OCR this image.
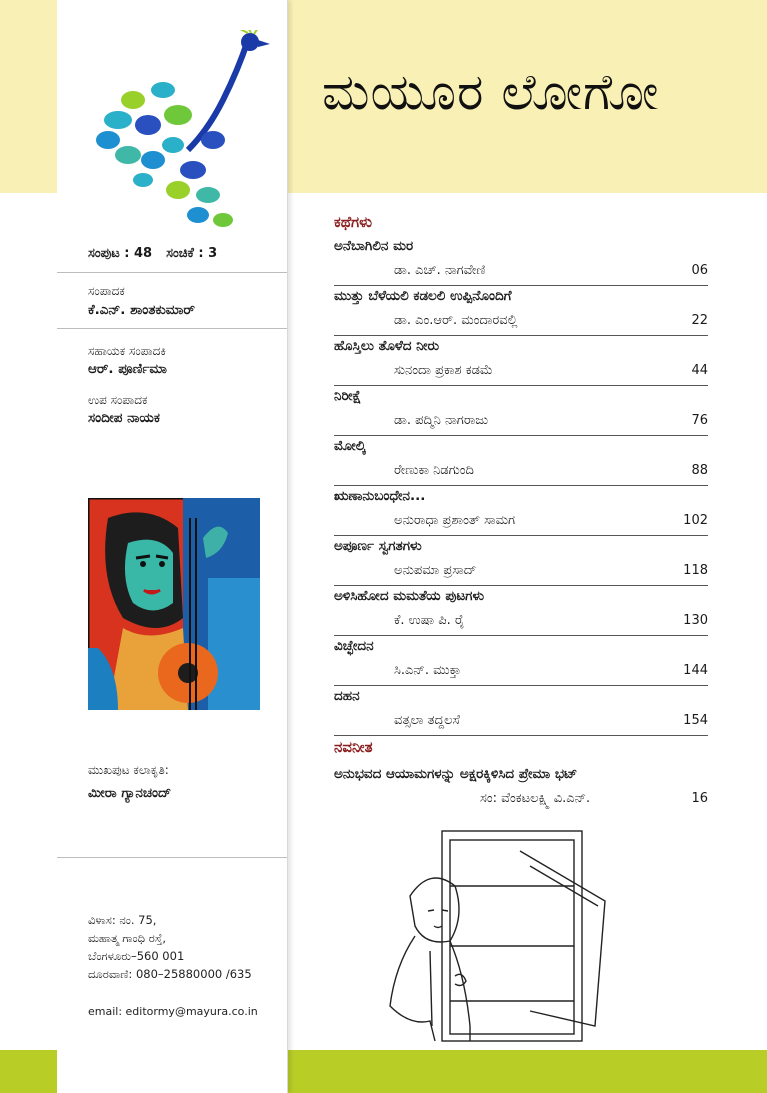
ಮಯೂರ ಲೋಗೋ
ಸಂಪುಟ : 48 ಸಂಚಿಕೆ : 3
ಸಂಪಾದಕ
ಕೆ.ಎನ್. ಶಾಂತಕುಮಾರ್
ಸಹಾಯಕ ಸಂಪಾದಕಿ
ಆರ್. ಪೂರ್ಣಿಮಾ
ಉಪ ಸಂಪಾದಕ
ಸಂದೀಪ ನಾಯಕ
ಮುಖಪುಟ ಕಲಾಕೃತಿ:
ಮೀರಾ ಗ್ಯಾನಚಂದ್
ವಿಳಾಸ: ನಂ. 75,
ಮಹಾತ್ಮ ಗಾಂಧಿ ರಸ್ತೆ,
ಬೆಂಗಳೂರು–560 001
ದೂರವಾಣಿ: 080–25880000 /635
email: editormy@mayura.co.in
ಕಥೆಗಳು
ಅನೆಬಾಗಿಲಿನ ಮರ
ಡಾ. ಎಚ್. ನಾಗವೇಣಿ	06
ಮುತ್ತು ಬೆಳೆಯಲಿ ಕಡಲಲಿ ಉಪ್ಪಿನೊಂದಿಗೆ
ಡಾ. ಎಂ.ಆರ್. ಮಂದಾರವಲ್ಲಿ	22
ಹೊಸ್ತಿಲು ತೊಳೆದ ನೀರು
ಸುನಂದಾ ಪ್ರಕಾಶ ಕಡಮೆ	44
ನಿರೀಕ್ಷೆ
ಡಾ. ಪದ್ಮಿನಿ ನಾಗರಾಜು	76
ಮೋಲ್ಕಿ
ರೇಣುಕಾ ನಿಡಗುಂದಿ	88
ಋಣಾನುಬಂಧೇನ...
ಅನುರಾಧಾ ಪ್ರಶಾಂತ್ ಸಾಮಗ	102
ಅಪೂರ್ಣ ಸ್ವಗತಗಳು
ಅನುಪಮಾ ಪ್ರಸಾದ್	118
ಅಳಿಸಿಹೋದ ಮಮತೆಯ ಪುಟಗಳು
ಕೆ. ಉಷಾ ಪಿ. ರೈ	130
ವಿಚ್ಛೇದನ
ಸಿ.ಎನ್. ಮುಕ್ತಾ	144
ದಹನ
ವತ್ಸಲಾ ತದ್ದಲಸೆ	154
ನವನೀತ
ಅನುಭವದ ಆಯಾಮಗಳನ್ನು ಅಕ್ಷರಕ್ಕಿಳಿಸಿದ ಪ್ರೇಮಾ ಭಟ್
ಸಂ: ವೆಂಕಟಲಕ್ಷ್ಮಿ ವಿ.ಎನ್.	16
